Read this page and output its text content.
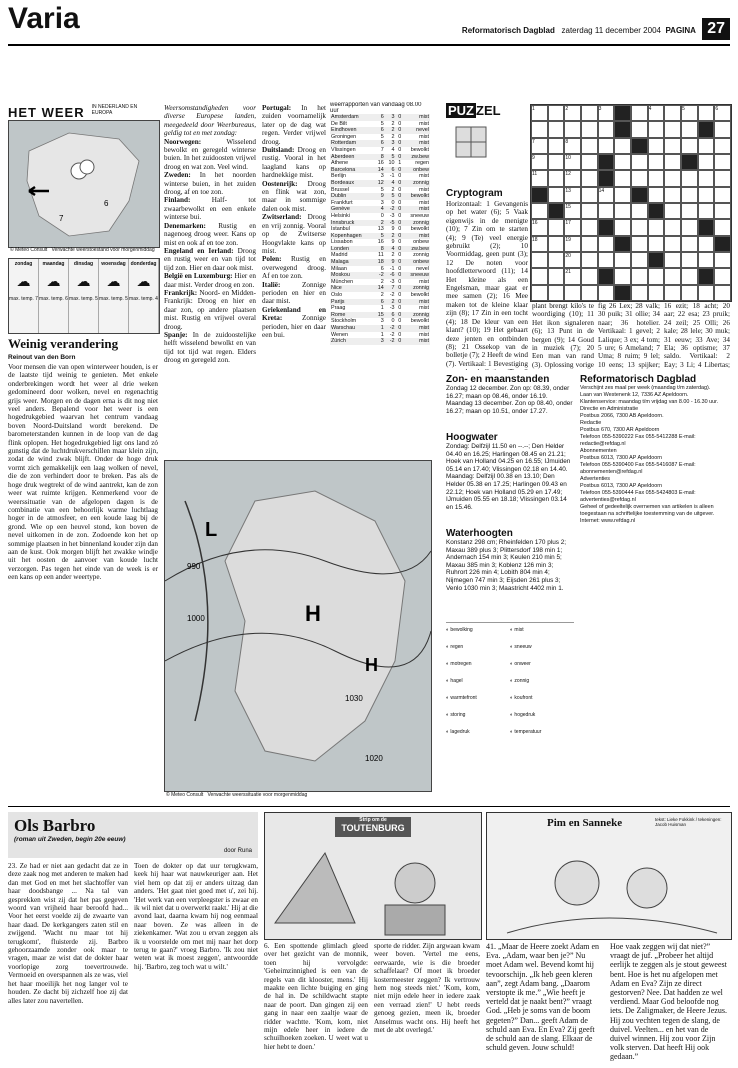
Varia	Reformatorisch Dagblad zaterdag 11 december 2004 PAGINA 27
HET WEER IN NEDERLAND EN EUROPA
6
7
© Meteo Consult Verwachte weerstoestand voor morgenmiddag
zondag
☁
max. temp. 7
maandag
☁
max. temp. 6
dinsdag
☁
max. temp. 5
woensdag
☁
max. temp. 5
donderdag
☁
max. temp. 4
Weinig verandering
Reinout van den Born
Voor mensen die van open winterweer houden, is er de laatste tijd weinig te genieten. Met enkele onderbrekingen wordt het weer al drie weken gedomineerd door wolken, nevel en regenachtig grijs weer. Morgen en de dagen erna is dit nog niet veel anders. Bepalend voor het weer is een hogedrukgebied waarvan het centrum vandaag boven Noord-Duitsland wordt berekend. De barometerstanden kunnen in de loop van de dag flink oplopen. Het hogedrukgebied ligt ons land zó gunstig dat de luchtdrukverschillen maar klein zijn, zodat de wind zwak blijft. Onder de hoge druk vormt zich gemakkelijk een laag wolken of nevel, die de zon verhindert door te breken. Pas als de hoge druk wegtrekt of de wind aantrekt, kan de zon weer wat ruimte krijgen. Kenmerkend voor de weerssituatie van de afgelopen dagen is de combinatie van een behoorlijk warme luchtlaag hoger in de atmosfeer, en een koude laag bij de grond. Wie op een heuvel stond, kon boven de nevel uitkomen in de zon. Zodoende kon het op sommige plaatsen in het binnenland kouder zijn dan aan de kust. Ook morgen blijft het zwakke windje uit het oosten de aanvoer van koude lucht verzorgen. Pas tegen het einde van de week is er een kans op een ander weertype.
Weersomstandigheden voor diverse Europese landen, meegedeeld door Weerbureaus, geldig tot en met zondag:
Noorwegen: Wisselend bewolkt en geregeld winterse buien. In het zuidoosten vrijwel droog en wat zon. Veel wind.
Zweden: In het noorden winterse buien, in het zuiden droog, af en toe zon.
Finland: Half- tot zwaarbewolkt en een enkele winterse bui.
Denemarken: Rustig en nagenoeg droog weer. Kans op mist en ook af en toe zon.
Engeland en Ierland: Droog en rustig weer en van tijd tot tijd zon. Hier en daar ook mist.
België en Luxemburg: Hier en daar mist. Verder droog en zon.
Frankrijk: Noord- en Midden-Frankrijk: Droog en hier en daar zon, op andere plaatsen mist. Rustig en vrijwel overal droog.
Spanje: In de zuidoostelijke helft wisselend bewolkt en van tijd tot tijd wat regen. Elders droog en geregeld zon.
weerrapporten van vandaag 08.00 uur
Amsterdam	6	3	0	mist
De Bilt	5	2	0	mist
Eindhoven	6	2	0	nevel
Groningen	5	2	0	mist
Rotterdam	6	3	0	mist
Vlissingen	7	4	0	bewolkt
Aberdeen	8	5	0	zw.bew
Athene	16	10	1	regen
Barcelona	14	6	0	onbew
Berlijn	3	-1	0	mist
Bordeaux	12	4	0	zonnig
Brussel	5	2	0	mist
Dublin	9	5	0	bewolkt
Frankfurt	3	0	0	mist
Genève	4	-2	0	mist
Helsinki	0	-3	0	sneeuw
Innsbruck	2	-5	0	zonnig
Istanbul	13	9	0	bewolkt
Kopenhagen	5	2	0	mist
Lissabon	16	9	0	onbew
Londen	8	4	0	zw.bew
Madrid	11	2	0	zonnig
Malaga	18	9	0	onbew
Milaan	6	-1	0	nevel
Moskou	-2	-6	0	sneeuw
München	2	-3	0	mist
Nice	14	7	0	zonnig
Oslo	2	-2	0	bewolkt
Parijs	6	2	0	mist
Praag	1	-3	0	mist
Rome	15	6	0	zonnig
Stockholm	3	0	0	bewolkt
Warschau	1	-2	0	mist
Wenen	1	-2	0	mist
Zürich	3	-2	0	mist
990
1000
1030
1020
L
H
H
© Meteo Consult Verwachte weerssituatie voor morgenmiddag
PUZ ZEL	1	2	3	4	5	6
7	8
9	10
11	12
13	14
15
16	17
18	19
20
21
Cryptogram
Horizontaal: 1 Gevangenis op het water (6); 5 Vaak eigenwijs in de menigte (10); 7 Zin om te starten (4); 9 (Te) veel energie gebruikt (2); 10 Voormiddag, geen punt (3); 12 De noten voor hoofdletterwoord (11); 14 Het kleine als een Engelsman, maar gaat er mee samen (2); 16 Mee maken tot de kleine klaar zijn (8); 17 Zin in een tocht (4); 18 De kleur van een klant? (10); 19 Het gebaart deze jenten en ontbinden (8); 21 Ossekop van de bolletje (7); 2 Heeft de wind (7). Vertikaal: 1 Bevestiging
plant brengt kilo's te woordiging (10); 11 Het ikon signaleren (6); 13 Punt in de bergen (9); 14 Goud in muziek (7); 20 Een man van rand (3). Oplossing vorige
fig 26 Lex; 28 valk; 30 puik; 31 ollie; 34 naar; 36 hotelier. Vertikaal: 1 gevel; 2 Lalique; 3 ex; 4 tom; 5 ure; 6 Ameland; 7 Uma; 8 ruim; 9 lel; 10 eens; 13 spijker;
16 ezit; 18 acht; 20 aar; 22 esa; 23 pruik; 24 zeil; 25 Olli; 26 kale; 28 lele; 30 muk; 31 eeuw; 33 Ave; 34 Ela; 36 optisme; 37 saldo. Vertikaal: 2 Eay; 3 Li; 4 Libertas;
Zon- en maanstanden
Zondag 12 december. Zon op: 08.39, onder 16.27; maan op 08.46, onder 16.19. Maandag 13 december. Zon op 08.40, onder 16.27; maan op 10.51, onder 17.27.
Hoogwater
Zondag: Delfzijl 11.50 en --.--; Den Helder 04.40 en 16.25; Harlingen 08.45 en 21.21; Hoek van Holland 04.25 en 16.55; IJmuiden 05.14 en 17.40; Vlissingen 02.18 en 14.40. Maandag: Delfzijl 00.38 en 13.10; Den Helder 05.38 en 17.25; Harlingen 09.43 en 22.12; Hoek van Holland 05.29 en 17.49; IJmuiden 05.55 en 18.18; Vlissingen 03.14 en 15.46.
Waterhoogten
Konstanz 298 cm; Rheinfelden 170 plus 2; Maxau 389 plus 3; Plittersdorf 198 min 1; Andernach 154 min 3; Keulen 210 min 5; Maxau 385 min 3; Koblenz 126 min 3; Ruhrort 226 min 4; Lobith 804 min 4; Nijmegen 747 min 3; Eijsden 261 plus 3; Venlo 1030 min 3; Maastricht 4402 min 1.
◐ bewolking	◐ mist
◐ regen	◐ sneeuw
◐ motregen	◐ onweer
◐ hagel	◐ zonnig
◐ warmtefront	◐ koufront
◐ storing	◐ hogedruk
◐ lagedruk	◐ temperatuur
Reformatorisch Dagblad
Verschijnt zes maal per week (maandag t/m zaterdag).
Laan van Westenenk 12, 7336 AZ Apeldoorn.
Klantenservice: maandag t/m vrijdag van 8.00 - 16.30 uur.
Directie en Administratie
Postbus 2066, 7300 AB Apeldoorn.
Redactie
Postbus 670, 7300 AR Apeldoorn
Telefoon 055-5390222 Fax 055-5412288 E-mail: redactie@refdag.nl
Abonnementen
Postbus 6013, 7300 AP Apeldoorn
Telefoon 055-5390400 Fax 055-5416087 E-mail: abonnementen@refdag.nl
Advertenties
Postbus 6013, 7300 AP Apeldoorn
Telefoon 055-5390444 Fax 055-5424803 E-mail: advertenties@refdag.nl
Geheel of gedeeltelijk overnemen van artikelen is alleen toegestaan na schriftelijke toestemming van de uitgever.
Internet: www.refdag.nl
Ols Barbro
(roman uit Zweden, begin 20e eeuw)
door Runa
23. Ze had er niet aan gedacht dat ze in deze zaak nog met anderen te maken had dan met God en met het slachtoffer van haar doodsbange ... Na tal van gesprekken wist zij dat het pas gegeven woord van vrijheid haar beroofd had... Voor het eerst voelde zij de zwaarte van haar daad. De kerkgangers zaten stil en zwijgend. 'Wacht nu maar tot hij terugkomt', fluisterde zij. Barbro gehoorzaamde zonder ook maar te vragen, maar ze wist dat de dokter haar voorlopige zorg toevertrouwde. Vermoeid en overspannen als ze was, viel het haar moeilijk het nog langer vol te houden. Ze dacht bij zichzelf hoe zij dat alles later zou navertellen.
Toen de dokter op dat uur terugkwam, keek hij haar wat nauwkeuriger aan. Het viel hem op dat zij er anders uitzag dan anders. 'Het gaat niet goed met u', zei hij. 'Het werk van een verpleegster is zwaar en ik wil niet dat u overwerkt raakt.' Hij at die avond laat, daarna kwam hij nog eenmaal naar boven. Ze was alleen in de ziekenkamer. 'Wat zou u ervan zeggen als ik u voorstelde om met mij naar het dorp terug te gaan?' vroeg Barbro. 'Ik zou niet weten wat ik moest zeggen', antwoordde hij. 'Barbro, zeg toch wat u wilt.'
Strip om de
TOUTENBURG
6. Een spottende glimlach gleed over het gezicht van de monnik, toen hij vervolgde: 'Geheimzinnighed is een van de regels van dit klooster, mens.' Hij maakte een lichte buiging en ging de hal in. De schildwacht stapte naar de poort. Dan gingen zij een gang in naar een zaaltje waar de ridder wachtte. 'Kom, kom, niet mijn edele heer in iedere de schuilhoeken zoeken. U weet wat u hier hebt te doen.'
sporte de ridder. Zijn argwaan kwam weer boven. 'Vertel me eens, eerwaarde, wie is die broeder schaffelaar? Of moet ik broeder kostermeester zeggen? Ik vertrouw hem nog steeds niet.' 'Kom, kom, niet mijn edele heer in iedere zaak een verraad zien!' U hebt reeds genoeg gezien, meen ik, broeder Anselmus wacht ons. Hij heeft het met de abt overlegd.'
Pim en Sanneke	tekst: Lieke Fokkink / tekeningen: Jacob Huisman
41. „Maar de Heere zoekt Adam en Eva. „Adam, waar ben je?” Nu moet Adam wel. Bevend komt hij tevoorschijn. „Ik heb geen kleren aan”, zegt Adam bang. „Daarom verstopte ik me.” „Wie heeft je verteld dat je naakt bent?” vraagt God. „Heb je soms van de boom gegeten?” Dan... geeft Adam de schuld aan Eva. En Eva? Zij geeft de schuld aan de slang. Elkaar de schuld geven. Jouw schuld!
Hoe vaak zeggen wij dat niet?” vraagt de juf. „Probeer het altijd eerlijk te zeggen als je stout geweest bent. Hoe is het nu afgelopen met Adam en Eva? Zijn ze direct gestorven? Nee. Dat hadden ze wel verdiend. Maar God beloofde nog iets. De Zaligmaker, de Heere Jezus. Hij zou vechten tegen de slang, de duivel. Veelten... en het van de duivel winnen. Hij zou voor Zijn volk sterven. Dat heeft Hij ook gedaan.”
Portugal: In het zuiden voornamelijk later op de dag wat regen. Verder vrijwel droog.
Duitsland: Droog en rustig. Vooral in het laagland kans op hardnekkige mist.
Oostenrijk: Droog en flink wat zon, maar in sommige dalen ook mist.
Zwitserland: Droog en vrij zonnig. Vooral op de Zwitserse Hoogvlakte kans op mist.
Polen: Rustig en overwegend droog. Af en toe zon.
Italië: Zonnige perioden en hier en daar mist.
Griekenland en Kreta: Zonnige perioden, hier en daar een bui.
